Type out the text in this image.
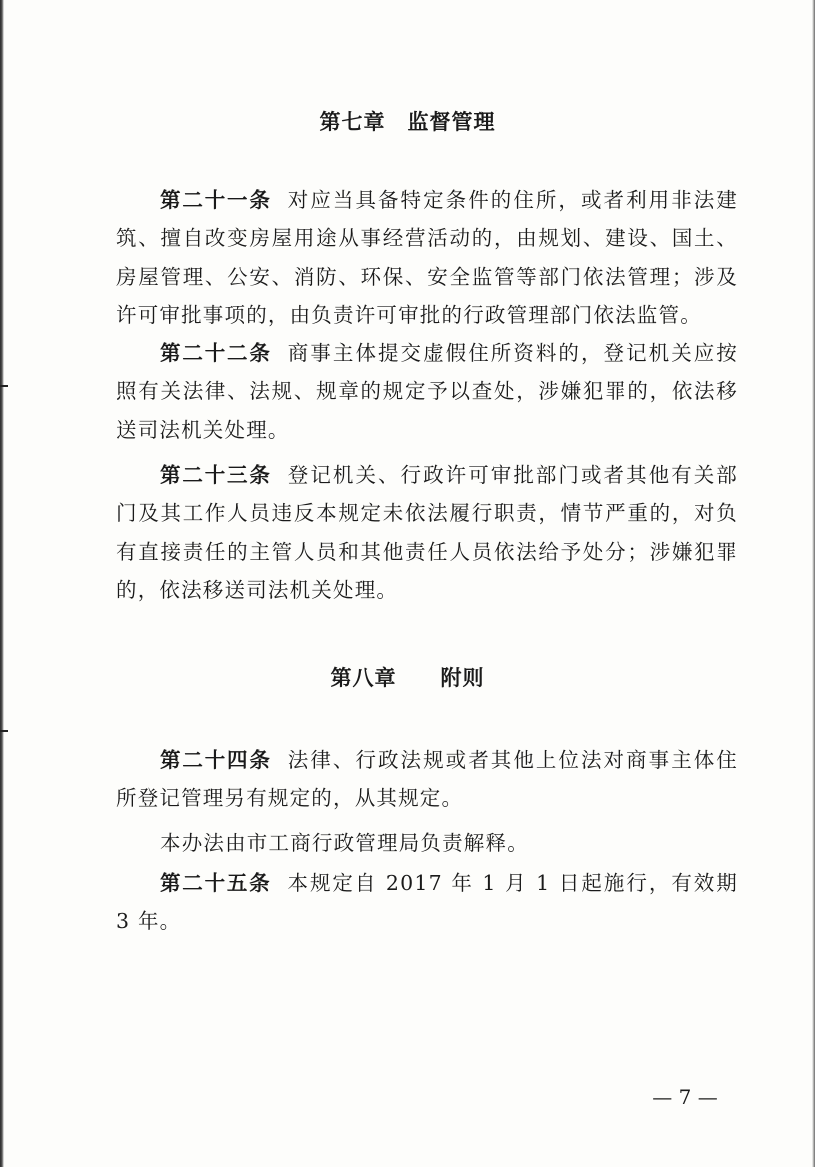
第七章　监督管理

第二十一条 对应当具备特定条件的住所，或者利用非法建筑、擅自改变房屋用途从事经营活动的，由规划、建设、国土、房屋管理、公安、消防、环保、安全监管等部门依法管理；涉及许可审批事项的，由负责许可审批的行政管理部门依法监管。

第二十二条 商事主体提交虚假住所资料的，登记机关应按照有关法律、法规、规章的规定予以查处，涉嫌犯罪的，依法移送司法机关处理。

第二十三条 登记机关、行政许可审批部门或者其他有关部门及其工作人员违反本规定未依法履行职责，情节严重的，对负有直接责任的主管人员和其他责任人员依法给予处分；涉嫌犯罪的，依法移送司法机关处理。

第八章　　附则

第二十四条 法律、行政法规或者其他上位法对商事主体住所登记管理另有规定的，从其规定。

本办法由市工商行政管理局负责解释。

第二十五条 本规定自 2017 年 1 月 1 日起施行，有效期 3 年。

— 7 —
